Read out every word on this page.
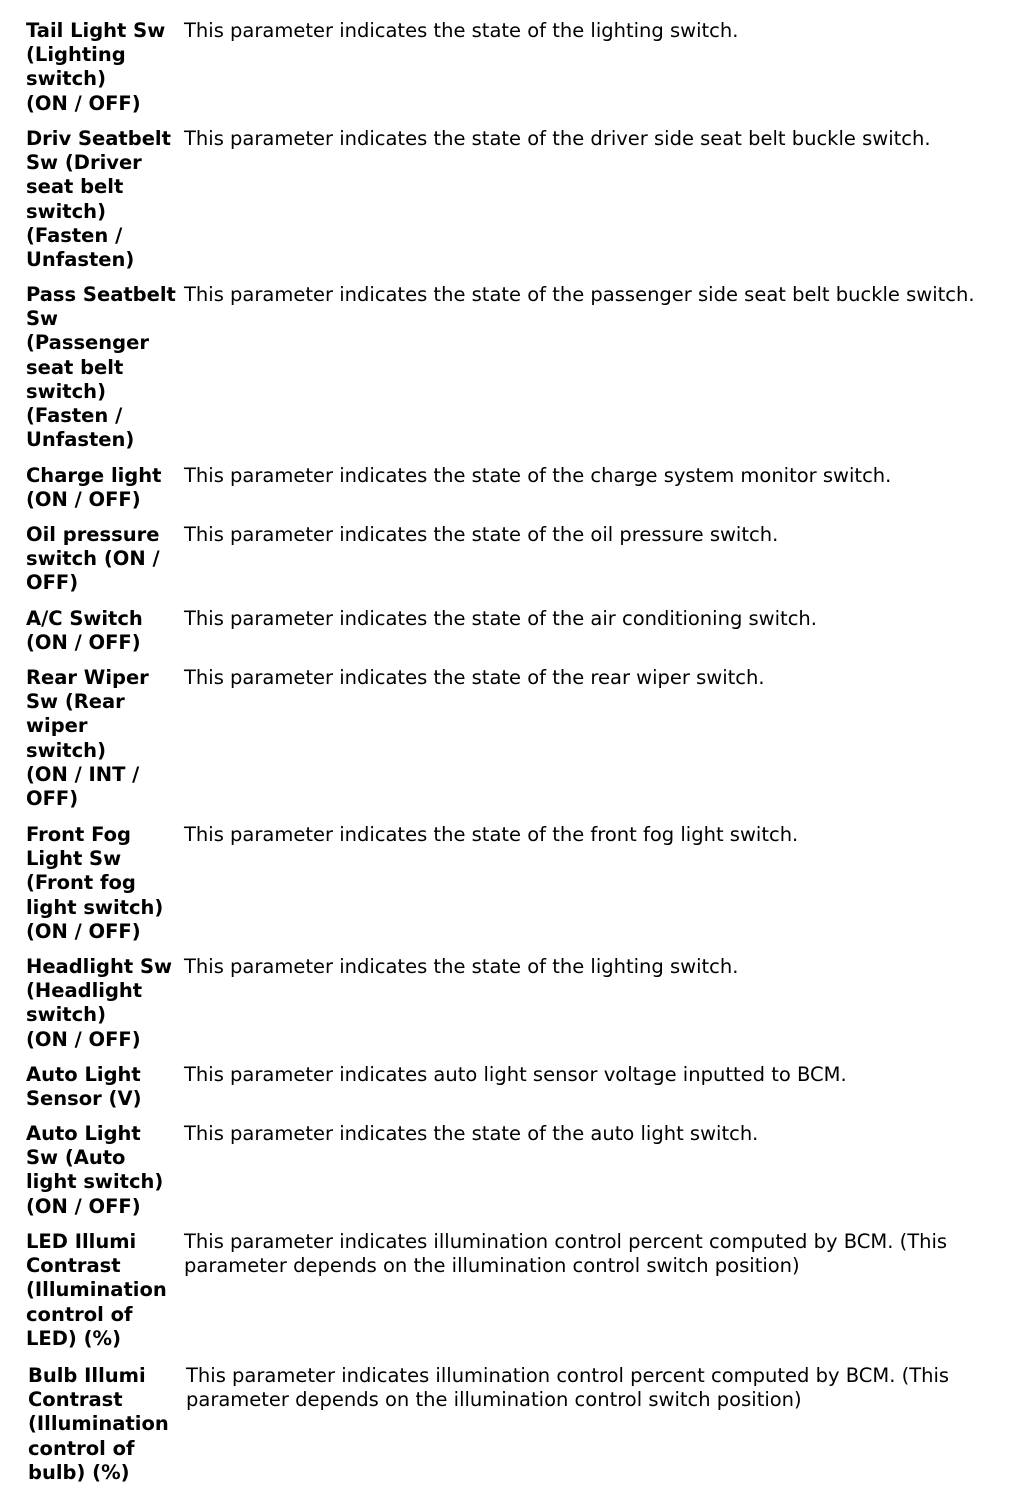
Tail Light Sw
(Lighting
switch)
(ON / OFF)
This parameter indicates the state of the lighting switch.
Driv Seatbelt
Sw (Driver
seat belt
switch)
(Fasten /
Unfasten)
This parameter indicates the state of the driver side seat belt buckle switch.
Pass Seatbelt
Sw
(Passenger
seat belt
switch)
(Fasten /
Unfasten)
This parameter indicates the state of the passenger side seat belt buckle switch.
Charge light
(ON / OFF)
This parameter indicates the state of the charge system monitor switch.
Oil pressure
switch (ON /
OFF)
This parameter indicates the state of the oil pressure switch.
A/C Switch
(ON / OFF)
This parameter indicates the state of the air conditioning switch.
Rear Wiper
Sw (Rear
wiper
switch)
(ON / INT /
OFF)
This parameter indicates the state of the rear wiper switch.
Front Fog
Light Sw
(Front fog
light switch)
(ON / OFF)
This parameter indicates the state of the front fog light switch.
Headlight Sw
(Headlight
switch)
(ON / OFF)
This parameter indicates the state of the lighting switch.
Auto Light
Sensor (V)
This parameter indicates auto light sensor voltage inputted to BCM.
Auto Light
Sw (Auto
light switch)
(ON / OFF)
This parameter indicates the state of the auto light switch.
LED Illumi
Contrast
(Illumination
control of
LED) (%)
This parameter indicates illumination control percent computed by BCM. (This
parameter depends on the illumination control switch position)
Bulb Illumi
Contrast
(Illumination
control of
bulb) (%)
This parameter indicates illumination control percent computed by BCM. (This
parameter depends on the illumination control switch position)
